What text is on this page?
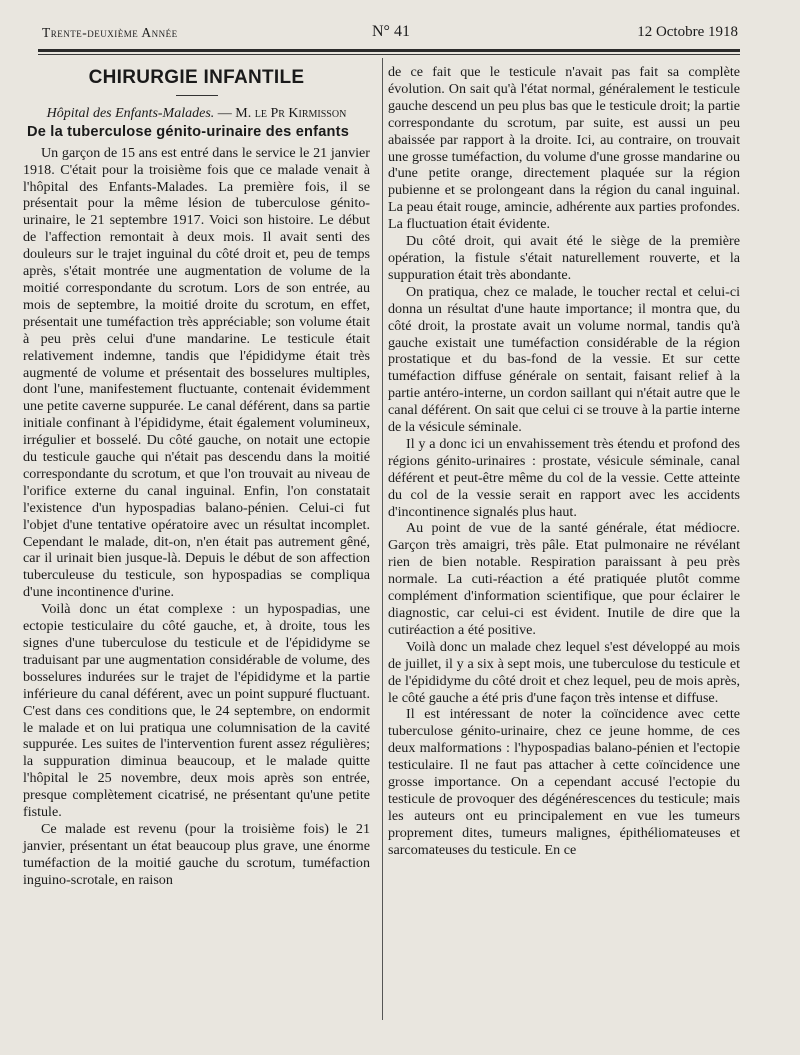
Trente-deuxième Année	N° 41	12 Octobre 1918
CHIRURGIE INFANTILE

Hôpital des Enfants-Malades. — M. le Pr Kirmisson

De la tuberculose génito-urinaire des enfants

Un garçon de 15 ans est entré dans le service le 21 janvier 1918. C'était pour la troisième fois que ce malade venait à l'hôpital des Enfants-Malades. La première fois, il se présentait pour la même lésion de tuberculose génito-urinaire, le 21 septembre 1917. Voici son histoire. Le début de l'affection remontait à deux mois. Il avait senti des douleurs sur le trajet inguinal du côté droit et, peu de temps après, s'était montrée une augmentation de volume de la moitié correspondante du scrotum. Lors de son entrée, au mois de septembre, la moitié droite du scrotum, en effet, présentait une tuméfaction très appréciable; son volume était à peu près celui d'une mandarine. Le testicule était relativement indemne, tandis que l'épididyme était très augmenté de volume et présentait des bosselures multiples, dont l'une, manifestement fluctuante, contenait évidemment une petite caverne suppurée. Le canal déférent, dans sa partie initiale confinant à l'épididyme, était également volumineux, irrégulier et bosselé. Du côté gauche, on notait une ectopie du testicule gauche qui n'était pas descendu dans la moitié correspondante du scrotum, et que l'on trouvait au niveau de l'orifice externe du canal inguinal. Enfin, l'on constatait l'existence d'un hypospadias balano-pénien. Celui-ci fut l'objet d'une tentative opératoire avec un résultat incomplet. Cependant le malade, dit-on, n'en était pas autrement gêné, car il urinait bien jusque-là. Depuis le début de son affection tuberculeuse du testicule, son hypospadias se compliqua d'une incontinence d'urine.

Voilà donc un état complexe : un hypospadias, une ectopie testiculaire du côté gauche, et, à droite, tous les signes d'une tuberculose du testicule et de l'épididyme se traduisant par une augmentation considérable de volume, des bosselures indurées sur le trajet de l'épididyme et la partie inférieure du canal déférent, avec un point suppuré fluctuant. C'est dans ces conditions que, le 24 septembre, on endormit le malade et on lui pratiqua une columnisation de la cavité suppurée. Les suites de l'intervention furent assez régulières; la suppuration diminua beaucoup, et le malade quitte l'hôpital le 25 novembre, deux mois après son entrée, presque complètement cicatrisé, ne présentant qu'une petite fistule.

Ce malade est revenu (pour la troisième fois) le 21 janvier, présentant un état beaucoup plus grave, une énorme tuméfaction de la moitié gauche du scrotum, tuméfaction inguino-scrotale, en raison

de ce fait que le testicule n'avait pas fait sa complète évolution. On sait qu'à l'état normal, généralement le testicule gauche descend un peu plus bas que le testicule droit; la partie correspondante du scrotum, par suite, est aussi un peu abaissée par rapport à la droite. Ici, au contraire, on trouvait une grosse tuméfaction, du volume d'une grosse mandarine ou d'une petite orange, directement plaquée sur la région pubienne et se prolongeant dans la région du canal inguinal. La peau était rouge, amincie, adhérente aux parties profondes. La fluctuation était évidente.

Du côté droit, qui avait été le siège de la première opération, la fistule s'était naturellement rouverte, et la suppuration était très abondante.

On pratiqua, chez ce malade, le toucher rectal et celui-ci donna un résultat d'une haute importance; il montra que, du côté droit, la prostate avait un volume normal, tandis qu'à gauche existait une tuméfaction considérable de la région prostatique et du bas-fond de la vessie. Et sur cette tuméfaction diffuse générale on sentait, faisant relief à la partie antéro-interne, un cordon saillant qui n'était autre que le canal déférent. On sait que celui ci se trouve à la partie interne de la vésicule séminale.

Il y a donc ici un envahissement très étendu et profond des régions génito-urinaires : prostate, vésicule séminale, canal déférent et peut-être même du col de la vessie. Cette atteinte du col de la vessie serait en rapport avec les accidents d'incontinence signalés plus haut.

Au point de vue de la santé générale, état médiocre. Garçon très amaigri, très pâle. Etat pulmonaire ne révélant rien de bien notable. Respiration paraissant à peu près normale. La cuti-réaction a été pratiquée plutôt comme complément d'information scientifique, que pour éclairer le diagnostic, car celui-ci est évident. Inutile de dire que la cutiréaction a été positive.

Voilà donc un malade chez lequel s'est développé au mois de juillet, il y a six à sept mois, une tuberculose du testicule et de l'épididyme du côté droit et chez lequel, peu de mois après, le côté gauche a été pris d'une façon très intense et diffuse.

Il est intéressant de noter la coïncidence avec cette tuberculose génito-urinaire, chez ce jeune homme, de ces deux malformations : l'hypospadias balano-pénien et l'ectopie testiculaire. Il ne faut pas attacher à cette coïncidence une grosse importance. On a cependant accusé l'ectopie du testicule de provoquer des dégénérescences du testicule; mais les auteurs ont eu principalement en vue les tumeurs proprement dites, tumeurs malignes, épithéliomateuses et sarcomateuses du testicule. En ce
